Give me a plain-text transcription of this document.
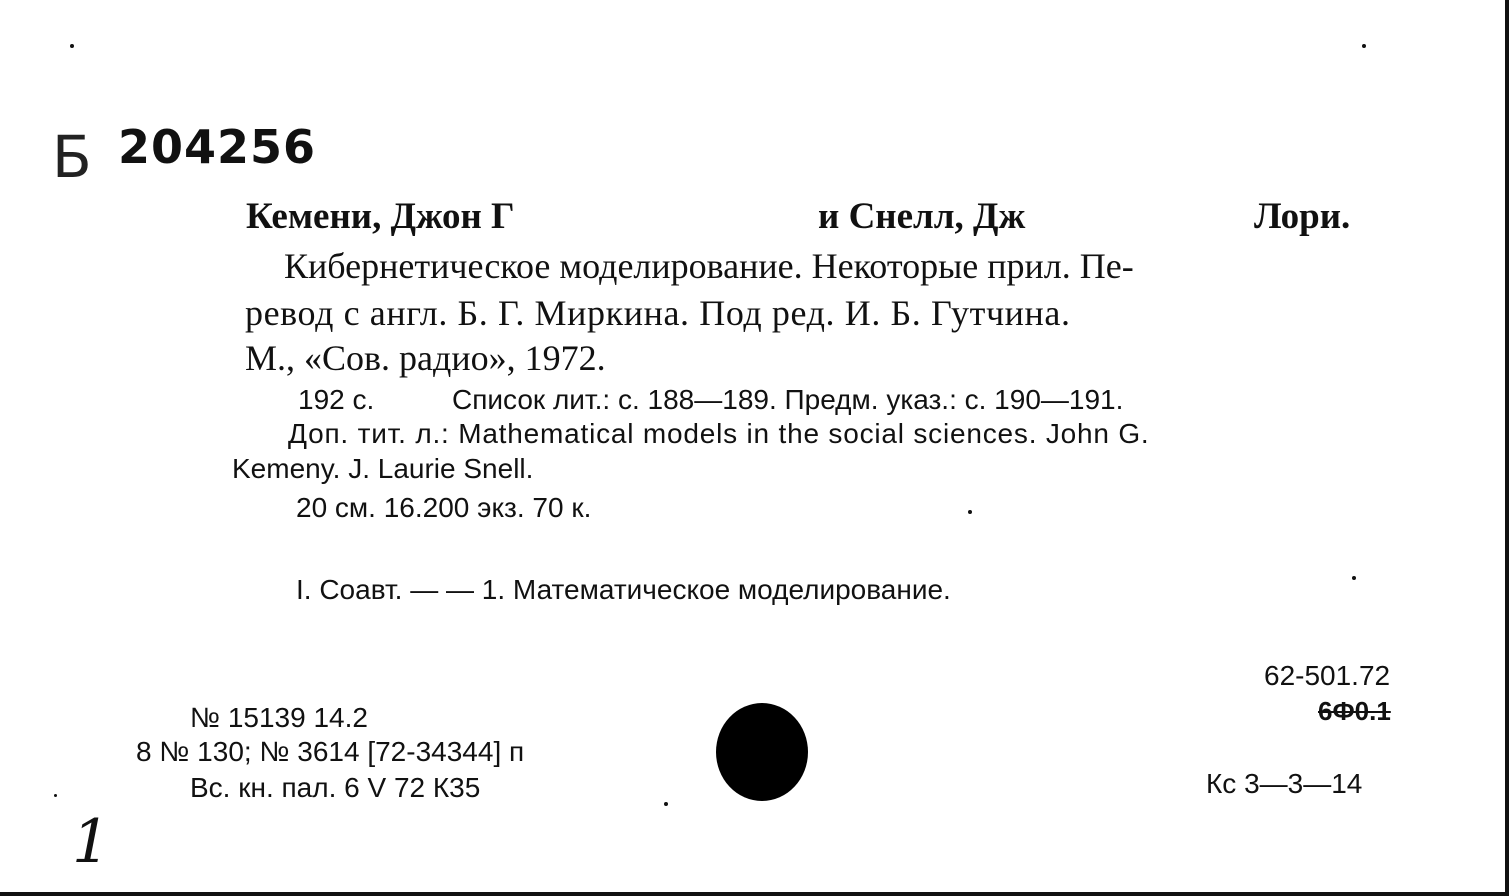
Б 204256
Кемени, Джон Г	и Снелл, Дж	Лори.
Кибернетическое моделирование. Некоторые прил. Пе-
ревод с англ. Б. Г. Миркина. Под ред. И. Б. Гутчина.
М., «Сов. радио», 1972.
192 с.	Список лит.: с. 188—189. Предм. указ.: с. 190—191.
Доп. тит. л.: Mathematical models in the social sciences. John G.
Kemeny. J. Laurie Snell.
20 см. 16.200 экз. 70 к.
I. Соавт. — — 1. Математическое моделирование.
№ 15139 14.2
8 № 130; № 3614 [72-34344] п
Вс. кн. пал. 6 V 72 К35
62-501.72
6Ф0.1
Кс 3—3—14
1
